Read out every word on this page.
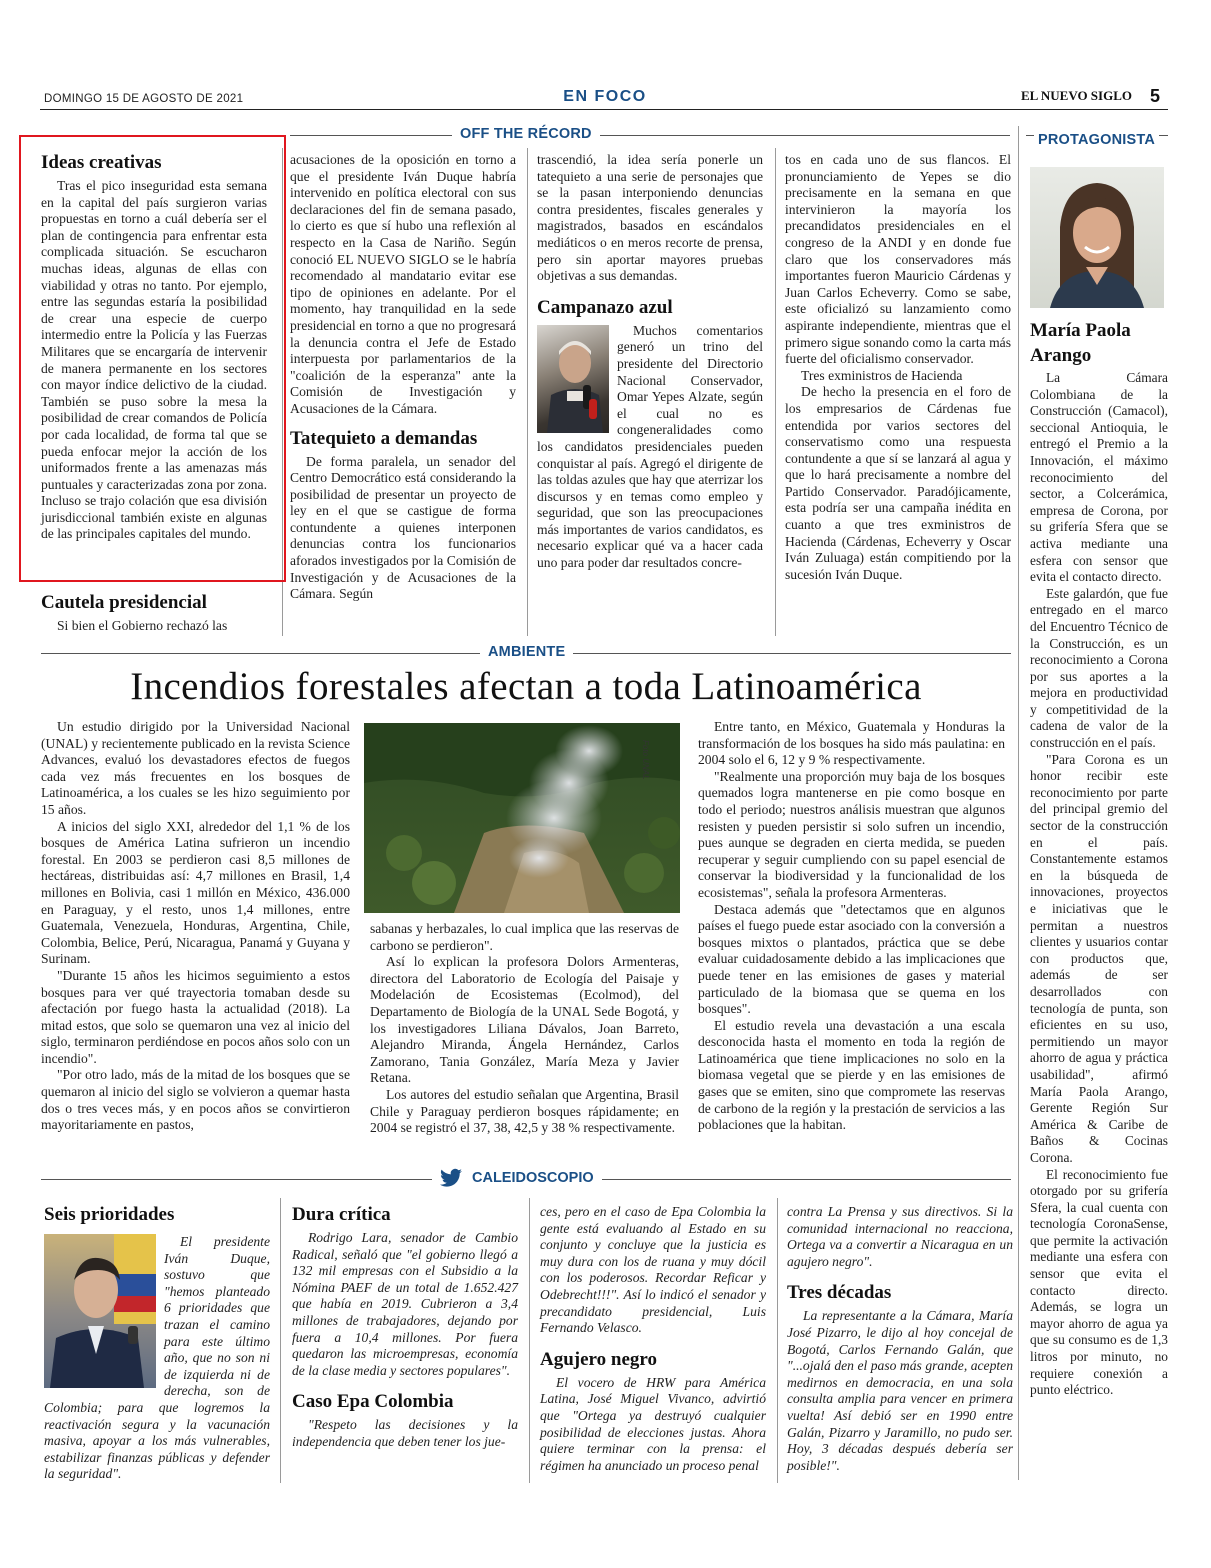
DOMINGO 15 DE AGOSTO DE 2021	EN FOCO	EL NUEVO SIGLO 5
OFF THE RÉCORD
Ideas creativas

Tras el pico inseguridad esta semana en la capital del país surgieron varias propuestas en torno a cuál debería ser el plan de contingencia para enfrentar esta complicada situación. Se escucharon muchas ideas, algunas de ellas con viabilidad y otras no tanto. Por ejemplo, entre las segundas estaría la posibilidad de crear una especie de cuerpo intermedio entre la Policía y las Fuerzas Militares que se encargaría de intervenir de manera permanente en los sectores con mayor índice delictivo de la ciudad. También se puso sobre la mesa la posibilidad de crear comandos de Policía por cada localidad, de forma tal que se pueda enfocar mejor la acción de los uniformados frente a las amenazas más puntuales y caracterizadas zona por zona. Incluso se trajo colación que esa división jurisdiccional también existe en algunas de las principales capitales del mundo.

Cautela presidencial

Si bien el Gobierno rechazó las

acusaciones de la oposición en torno a que el presidente Iván Duque habría intervenido en política electoral con sus declaraciones del fin de semana pasado, lo cierto es que sí hubo una reflexión al respecto en la Casa de Nariño. Según conoció EL NUEVO SIGLO se le habría recomendado al mandatario evitar ese tipo de opiniones en adelante. Por el momento, hay tranquilidad en la sede presidencial en torno a que no progresará la denuncia contra el Jefe de Estado interpuesta por parlamentarios de la "coalición de la esperanza" ante la Comisión de Investigación y Acusaciones de la Cámara.

Tatequieto a demandas

De forma paralela, un senador del Centro Democrático está considerando la posibilidad de presentar un proyecto de ley en el que se castigue de forma contundente a quienes interponen denuncias contra los funcionarios aforados investigados por la Comisión de Investigación y de Acusaciones de la Cámara. Según

trascendió, la idea sería ponerle un tatequieto a una serie de personajes que se la pasan interponiendo denuncias contra presidentes, fiscales generales y magistrados, basados en escándalos mediáticos o en meros recorte de prensa, pero sin aportar mayores pruebas objetivas a sus demandas.

Campanazo azul

Muchos comentarios generó un trino del presidente del Directorio Nacional Conservador, Omar Yepes Alzate, según el cual no es congeneralidades como los candidatos presidenciales pueden conquistar al país. Agregó el dirigente de las toldas azules que hay que aterrizar los discursos y en temas como empleo y seguridad, que son las preocupaciones más importantes de varios candidatos, es necesario explicar qué va a hacer cada uno para poder dar resultados concre-

tos en cada uno de sus flancos. El pronunciamiento de Yepes se dio precisamente en la semana en que intervinieron la mayoría los precandidatos presidenciales en el congreso de la ANDI y en donde fue claro que los conservadores más importantes fueron Mauricio Cárdenas y Juan Carlos Echeverry. Como se sabe, este oficializó su lanzamiento como aspirante independiente, mientras que el primero sigue sonando como la carta más fuerte del oficialismo conservador.

Tres exministros de Hacienda

De hecho la presencia en el foro de los empresarios de Cárdenas fue entendida por varios sectores del conservatismo como una respuesta contundente a que sí se lanzará al agua y que lo hará precisamente a nombre del Partido Conservador. Paradójicamente, esta podría ser una campaña inédita en cuanto a que tres exministros de Hacienda (Cárdenas, Echeverry y Oscar Iván Zuluaga) están compitiendo por la sucesión Iván Duque.

PROTAGONISTA
María Paola Arango

La Cámara Colombiana de la Construcción (Camacol), seccional Antioquia, le entregó el Premio a la Innovación, el máximo reconocimiento del sector, a Colcerámica, empresa de Corona, por su grifería Sfera que se activa mediante una esfera con sensor que evita el contacto directo.

Este galardón, que fue entregado en el marco del Encuentro Técnico de la Construcción, es un reconocimiento a Corona por sus aportes a la mejora en productividad y competitividad de la cadena de valor de la construcción en el país.

"Para Corona es un honor recibir este reconocimiento por parte del principal gremio del sector de la construcción en el país. Constantemente estamos en la búsqueda de innovaciones, proyectos e iniciativas que le permitan a nuestros clientes y usuarios contar con productos que, además de ser desarrollados con tecnología de punta, son eficientes en su uso, permitiendo un mayor ahorro de agua y práctica usabilidad", afirmó María Paola Arango, Gerente Región Sur América & Caribe de Baños & Cocinas Corona.

El reconocimiento fue otorgado por su grifería Sfera, la cual cuenta con tecnología CoronaSense, que permite la activación mediante una esfera con sensor que evita el contacto directo. Además, se logra un mayor ahorro de agua ya que su consumo es de 1,3 litros por minuto, no requiere conexión a punto eléctrico.

AMBIENTE
Incendios forestales afectan a toda Latinoamérica

Un estudio dirigido por la Universidad Nacional (UNAL) y recientemente publicado en la revista Science Advances, evaluó los devastadores efectos de fuegos cada vez más frecuentes en los bosques de Latinoamérica, a los cuales se les hizo seguimiento por 15 años.

A inicios del siglo XXI, alrededor del 1,1 % de los bosques de América Latina sufrieron un incendio forestal. En 2003 se perdieron casi 8,5 millones de hectáreas, distribuidas así: 4,7 millones en Brasil, 1,4 millones en Bolivia, casi 1 millón en México, 436.000 en Paraguay, y el resto, unos 1,4 millones, entre Guatemala, Venezuela, Honduras, Argentina, Chile, Colombia, Belice, Perú, Nicaragua, Panamá y Guyana y Surinam.

"Durante 15 años les hicimos seguimiento a estos bosques para ver qué trayectoria tomaban desde su afectación por fuego hasta la actualidad (2018). La mitad estos, que solo se quemaron una vez al inicio del siglo, terminaron perdiéndose en pocos años solo con un incendio".

"Por otro lado, más de la mitad de los bosques que se quemaron al inicio del siglo se volvieron a quemar hasta dos o tres veces más, y en pocos años se convirtieron mayoritariamente en pastos,

Foto UNAL

sabanas y herbazales, lo cual implica que las reservas de carbono se perdieron".

Así lo explican la profesora Dolors Armenteras, directora del Laboratorio de Ecología del Paisaje y Modelación de Ecosistemas (Ecolmod), del Departamento de Biología de la UNAL Sede Bogotá, y los investigadores Liliana Dávalos, Joan Barreto, Alejandro Miranda, Ángela Hernández, Carlos Zamorano, Tania González, María Meza y Javier Retana.

Los autores del estudio señalan que Argentina, Brasil Chile y Paraguay perdieron bosques rápidamente; en 2004 se registró el 37, 38, 42,5 y 38 % respectivamente.

Entre tanto, en México, Guatemala y Honduras la transformación de los bosques ha sido más paulatina: en 2004 solo el 6, 12 y 9 % respectivamente.

"Realmente una proporción muy baja de los bosques quemados logra mantenerse en pie como bosque en todo el periodo; nuestros análisis muestran que algunos resisten y pueden persistir si solo sufren un incendio, pues aunque se degraden en cierta medida, se pueden recuperar y seguir cumpliendo con su papel esencial de conservar la biodiversidad y la funcionalidad de los ecosistemas", señala la profesora Armenteras.

Destaca además que "detectamos que en algunos países el fuego puede estar asociado con la conversión a bosques mixtos o plantados, práctica que se debe evaluar cuidadosamente debido a las implicaciones que puede tener en las emisiones de gases y material particulado de la biomasa que se quema en los bosques".

El estudio revela una devastación a una escala desconocida hasta el momento en toda la región de Latinoamérica que tiene implicaciones no solo en la biomasa vegetal que se pierde y en las emisiones de gases que se emiten, sino que compromete las reservas de carbono de la región y la prestación de servicios a las poblaciones que la habitan.

CALEIDOSCOPIO
Seis prioridades

El presidente Iván Duque, sostuvo que "hemos planteado 6 prioridades que trazan el camino para este último año, que no son ni de izquierda ni de derecha, son de Colombia; para que logremos la reactivación segura y la vacunación masiva, apoyar a los más vulnerables, estabilizar finanzas públicas y defender la seguridad".

Dura crítica

Rodrigo Lara, senador de Cambio Radical, señaló que "el gobierno llegó a 132 mil empresas con el Subsidio a la Nómina PAEF de un total de 1.652.427 que había en 2019. Cubrieron a 3,4 millones de trabajadores, dejando por fuera a 10,4 millones. Por fuera quedaron las microempresas, economía de la clase media y sectores populares".

Caso Epa Colombia

"Respeto las decisiones y la independencia que deben tener los jue-

ces, pero en el caso de Epa Colombia la gente está evaluando al Estado en su conjunto y concluye que la justicia es muy dura con los de ruana y muy dócil con los poderosos. Recordar Reficar y Odebrecht!!!". Así lo indicó el senador y precandidato presidencial, Luis Fernando Velasco.

Agujero negro

El vocero de HRW para América Latina, José Miguel Vivanco, advirtió que "Ortega ya destruyó cualquier posibilidad de elecciones justas. Ahora quiere terminar con la prensa: el régimen ha anunciado un proceso penal

contra La Prensa y sus directivos. Si la comunidad internacional no reacciona, Ortega va a convertir a Nicaragua en un agujero negro".

Tres décadas

La representante a la Cámara, María José Pizarro, le dijo al hoy concejal de Bogotá, Carlos Fernando Galán, que "...ojalá den el paso más grande, acepten medirnos en democracia, en una sola consulta amplia para vencer en primera vuelta! Así debió ser en 1990 entre Galán, Pizarro y Jaramillo, no pudo ser. Hoy, 3 décadas después debería ser posible!".
